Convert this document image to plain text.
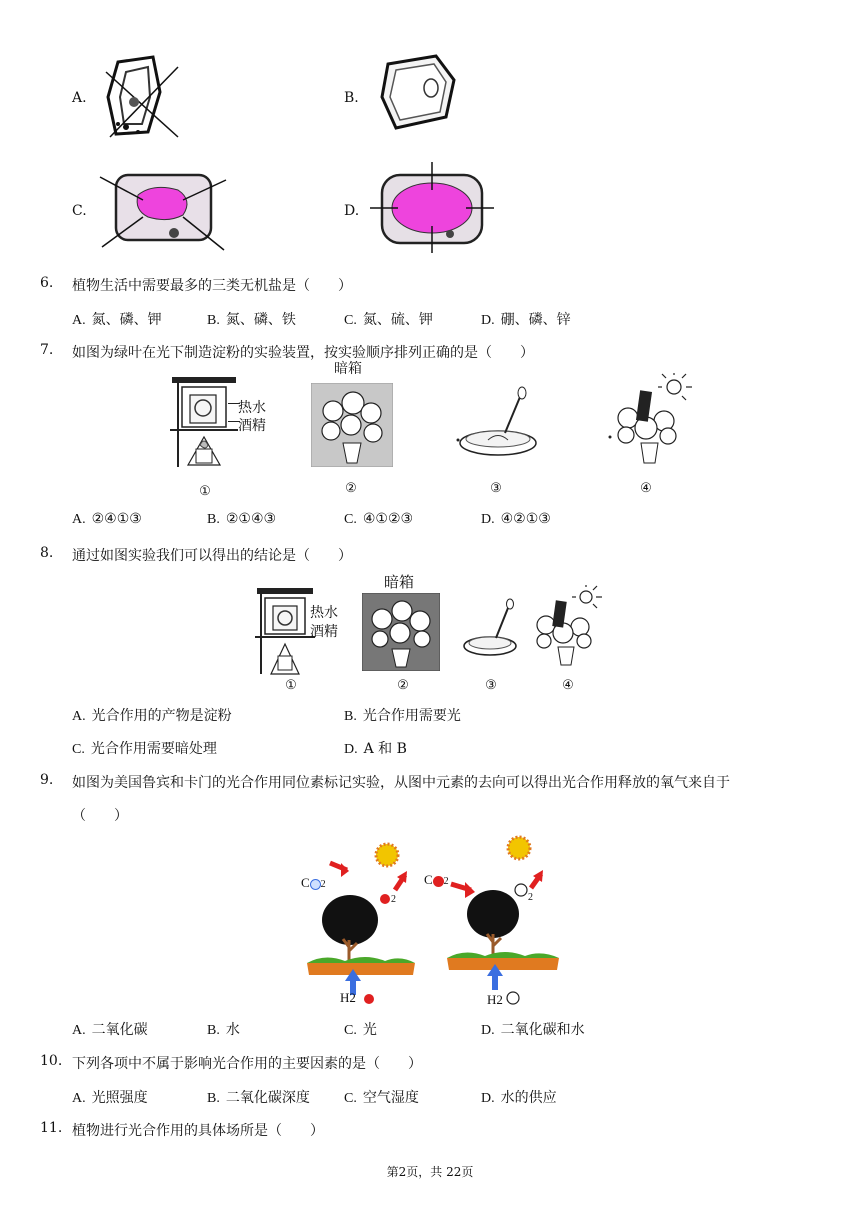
A.	B.
C.	D.
6. 植物生活中需要最多的三类无机盐是（　　）
A. 氮、磷、钾	B. 氮、磷、铁	C. 氮、硫、钾	D. 硼、磷、锌
7. 如图为绿叶在光下制造淀粉的实验装置，按实验顺序排列正确的是（　　）
热水
酒精
暗箱
①	②	③	④
A. ②④①③	B. ②①④③	C. ④①②③	D. ④②①③
8. 通过如图实验我们可以得出的结论是（　　）
热水
酒精
暗箱
①	②	③	④
A. 光合作用的产物是淀粉	B. 光合作用需要光
C. 光合作用需要暗处理	D. A 和 B
9. 如图为美国鲁宾和卡门的光合作用同位素标记实验，从图中元素的去向可以得出光合作用释放的氧气来自于
（　　）
C 2
2
H2
C 2
2
H2
A. 二氧化碳	B. 水	C. 光	D. 二氧化碳和水
10. 下列各项中不属于影响光合作用的主要因素的是（　　）
A. 光照强度	B. 二氧化碳深度 C. 空气湿度	D. 水的供应
11. 植物进行光合作用的具体场所是（　　）
第2页，共 22页
